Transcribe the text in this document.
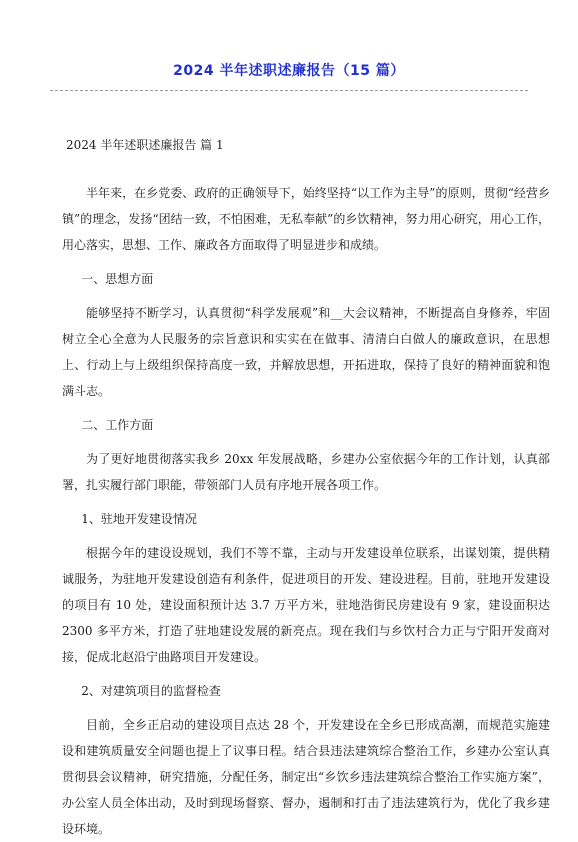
2024 半年述职述廉报告（15 篇）
2024 半年述职述廉报告 篇 1

半年来，在乡党委、政府的正确领导下，始终坚持“以工作为主导”的原则，贯彻“经营乡镇”的理念，发扬“团结一致，不怕困难，无私奉献”的乡饮精神，努力用心研究，用心工作，用心落实，思想、工作、廉政各方面取得了明显进步和成绩。

一、思想方面

能够坚持不断学习，认真贯彻“科学发展观”和__大会议精神，不断提高自身修养，牢固树立全心全意为人民服务的宗旨意识和实实在在做事、清清白白做人的廉政意识，在思想上、行动上与上级组织保持高度一致，并解放思想，开拓进取，保持了良好的精神面貌和饱满斗志。

二、工作方面

为了更好地贯彻落实我乡 20xx 年发展战略，乡建办公室依据今年的工作计划，认真部署，扎实履行部门职能，带领部门人员有序地开展各项工作。

1、驻地开发建设情况

根据今年的建设设规划，我们不等不靠，主动与开发建设单位联系，出谋划策，提供精诚服务，为驻地开发建设创造有利条件，促进项目的开发、建设进程。目前，驻地开发建设的项目有 10 处，建设面积预计达 3.7 万平方米，驻地浩街民房建设有 9 家，建设面积达 2300 多平方米，打造了驻地建设发展的新亮点。现在我们与乡饮村合力正与宁阳开发商对接，促成北赵沿宁曲路项目开发建设。

2、对建筑项目的监督检查

目前，全乡正启动的建设项目点达 28 个，开发建设在全乡已形成高潮，而规范实施建设和建筑质量安全问题也提上了议事日程。结合县违法建筑综合整治工作，乡建办公室认真贯彻县会议精神，研究措施，分配任务，制定出“乡饮乡违法建筑综合整治工作实施方案”，办公室人员全体出动，及时到现场督察、督办，遏制和打击了违法建筑行为，优化了我乡建设环境。
